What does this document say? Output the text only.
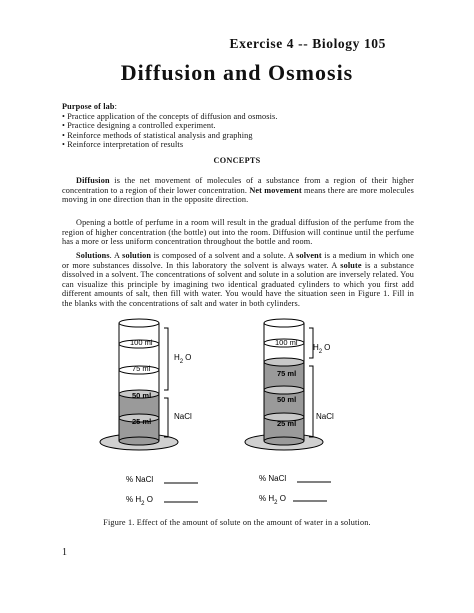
Exercise 4 -- Biology 105
Diffusion and Osmosis
Purpose of lab:
• Practice application of the concepts of diffusion and osmosis.
• Practice designing a controlled experiment.
• Reinforce methods of statistical analysis and graphing
• Reinforce interpretation of results
CONCEPTS

Diffusion is the net movement of molecules of a substance from a region of their higher concentration to a region of their lower concentration. Net movement means there are more molecules moving in one direction than in the opposite direction.

Opening a bottle of perfume in a room will result in the gradual diffusion of the perfume from the region of higher concentration (the bottle) out into the room. Diffusion will continue until the perfume has a more or less uniform concentration throughout the bottle and room.

Solutions. A solution is composed of a solvent and a solute. A solvent is a medium in which one or more substances dissolve. In this laboratory the solvent is always water. A solute is a substance dissolved in a solvent. The concentrations of solvent and solute in a solution are inversely related. You can visualize this principle by imagining two identical graduated cylinders to which you first add different amounts of salt, then fill with water. You would have the situation seen in Figure 1. Fill in the blanks with the concentrations of salt and water in both cylinders.

100 ml
75 ml
50 ml
25 ml
$H_2$ O
NaCl
100 ml
75 ml
50 ml
25 ml
$H_2$ O
NaCl
% NaCl
% $H_2$ O
% NaCl
% $H_2$ O
Figure 1. Effect of the amount of solute on the amount of water in a solution.
1
